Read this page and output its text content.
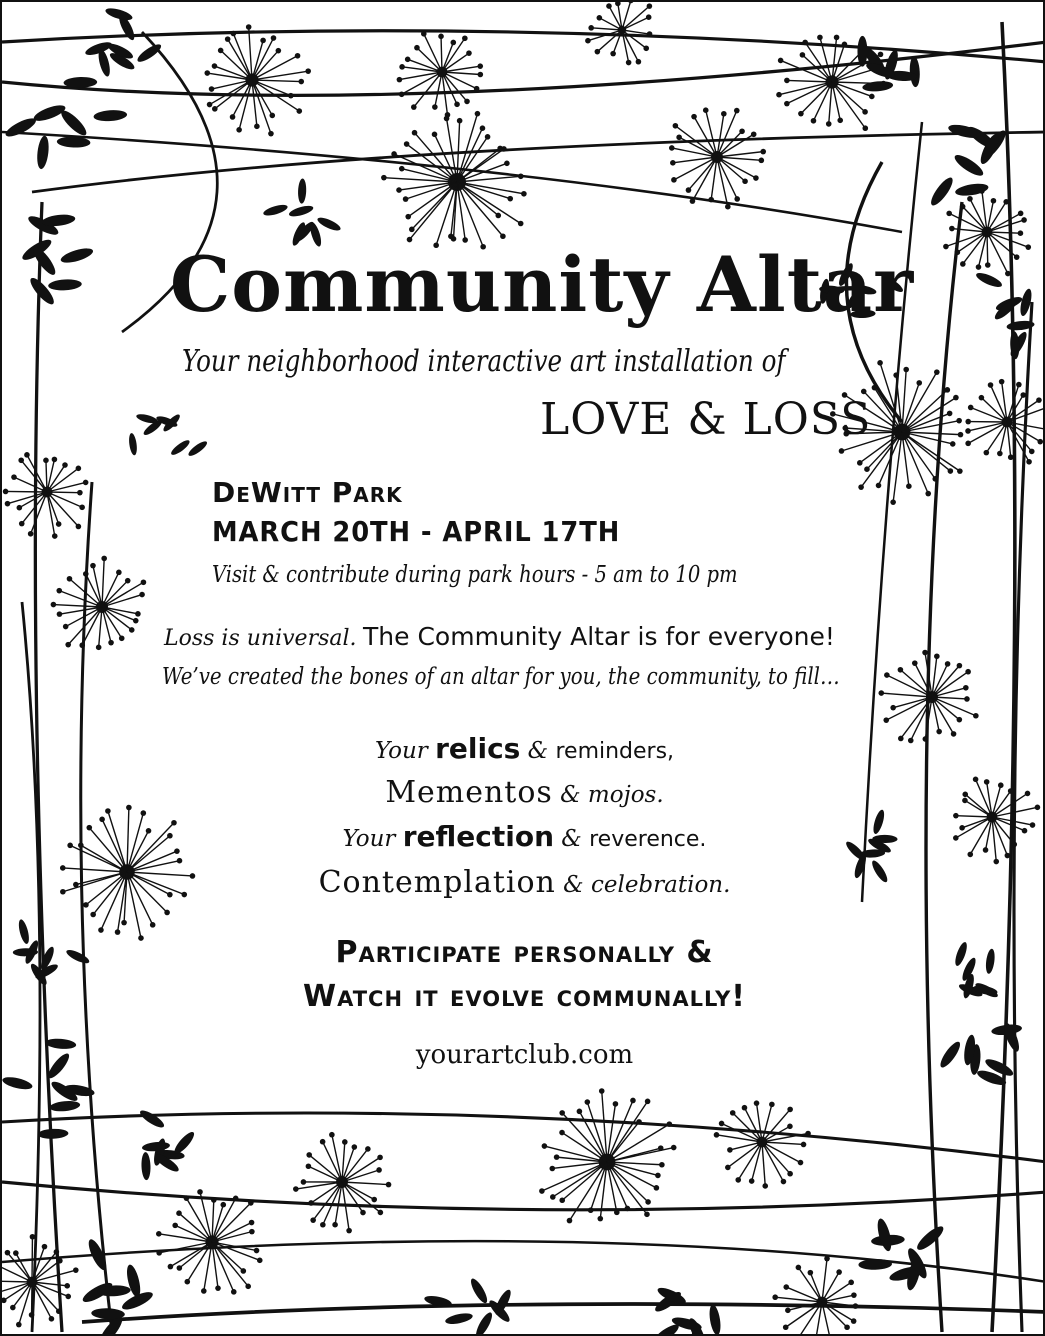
Community Altar
Your neighborhood interactive art installation of
LOVE & LOSS
DeWitt Park
MARCH 20TH - APRIL 17TH
Visit & contribute during park hours - 5 am to 10 pm
Loss is universal. The Community Altar is for everyone!
We’ve created the bones of an altar for you, the community, to fill…
Your relics & reminders,
Mementos & mojos.
Your reflection & reverence.
Contemplation & celebration.
Participate personally &
Watch it evolve communally!
yourartclub.com
